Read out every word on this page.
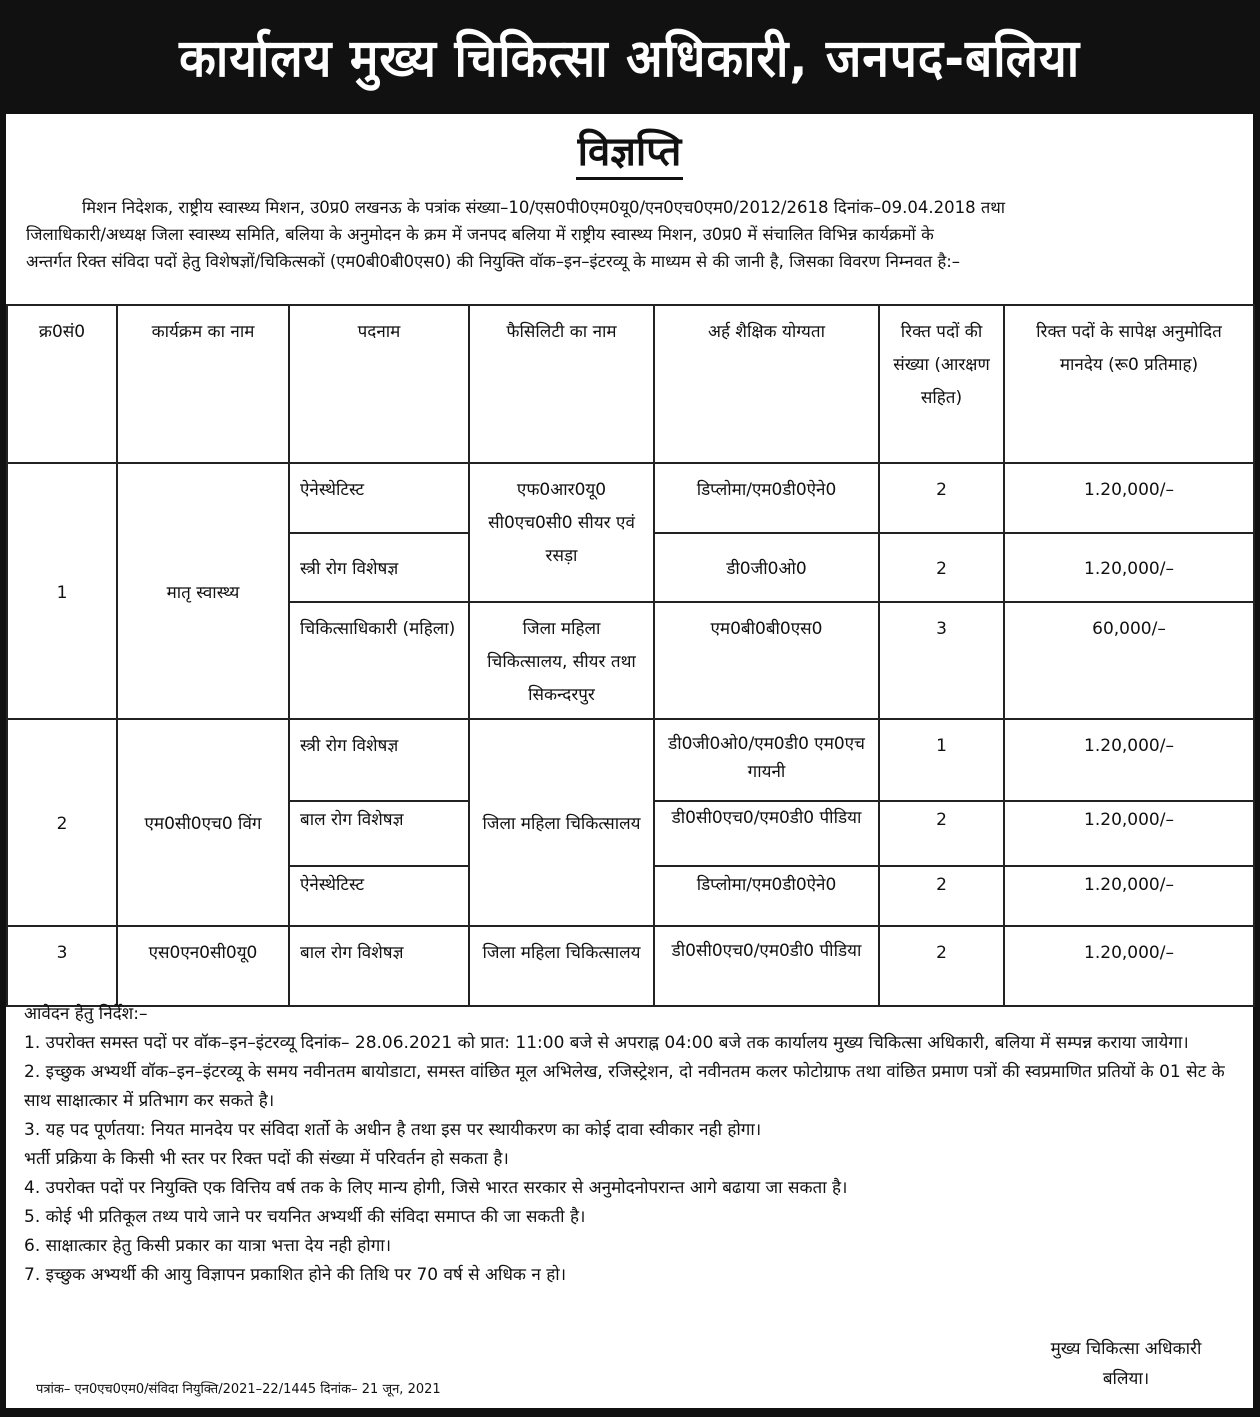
कार्यालय मुख्य चिकित्सा अधिकारी, जनपद-बलिया
विज्ञप्ति
मिशन निदेशक, राष्ट्रीय स्वास्थ्य मिशन, उ0प्र0 लखनऊ के पत्रांक संख्या–10/एस0पी0एम0यू0/एन0एच0एम0/2012/2618 दिनांक–09.04.2018 तथा
जिलाधिकारी/अध्यक्ष जिला स्वास्थ्य समिति, बलिया के अनुमोदन के क्रम में जनपद बलिया में राष्ट्रीय स्वास्थ्य मिशन, उ0प्र0 में संचालित विभिन्न कार्यक्रमों के
अन्तर्गत रिक्त संविदा पदों हेतु विशेषज्ञों/चिकित्सकों (एम0बी0बी0एस0) की नियुक्ति वॉक–इन–इंटरव्यू के माध्यम से की जानी है, जिसका विवरण निम्नवत है:–
क्र0सं0	कार्यक्रम का नाम	पदनाम	फैसिलिटी का नाम	अर्ह शैक्षिक योग्यता	रिक्त पदों की संख्या (आरक्षण सहित)	रिक्त पदों के सापेक्ष अनुमोदित मानदेय (रू0 प्रतिमाह)
1	मातृ स्वास्थ्य	ऐनेस्थेटिस्ट	एफ0आर0यू0 सी0एच0सी0 सीयर एवं रसड़ा	डिप्लोमा/एम0डी0ऐने0	2	1.20,000/–
		स्त्री रोग विशेषज्ञ		डी0जी0ओ0	2	1.20,000/–
		चिकित्साधिकारी (महिला)	जिला महिला चिकित्सालय, सीयर तथा सिकन्दरपुर	एम0बी0बी0एस0	3	60,000/–
2	एम0सी0एच0 विंग	स्त्री रोग विशेषज्ञ	जिला महिला चिकित्सालय	डी0जी0ओ0/एम0डी0 एम0एच गायनी	1	1.20,000/–
		बाल रोग विशेषज्ञ		डी0सी0एच0/एम0डी0 पीडिया	2	1.20,000/–
		ऐनेस्थेटिस्ट		डिप्लोमा/एम0डी0ऐने0	2	1.20,000/–
3	एस0एन0सी0यू0	बाल रोग विशेषज्ञ	जिला महिला चिकित्सालय	डी0सी0एच0/एम0डी0 पीडिया	2	1.20,000/–
आवेदन हेतु निर्देश:–
1. उपरोक्त समस्त पदों पर वॉक–इन–इंटरव्यू दिनांक– 28.06.2021 को प्रात: 11:00 बजे से अपराह्न 04:00 बजे तक कार्यालय मुख्य चिकित्सा अधिकारी, बलिया में सम्पन्न कराया जायेगा।
2. इच्छुक अभ्यर्थी वॉक–इन–इंटरव्यू के समय नवीनतम बायोडाटा, समस्त वांछित मूल अभिलेख, रजिस्ट्रेशन, दो नवीनतम कलर फोटोग्राफ तथा वांछित प्रमाण पत्रों की स्वप्रमाणित प्रतियों के 01 सेट के साथ साक्षात्कार में प्रतिभाग कर सकते है।
3. यह पद पूर्णतया: नियत मानदेय पर संविदा शर्तो के अधीन है तथा इस पर स्थायीकरण का कोई दावा स्वीकार नही होगा।
भर्ती प्रक्रिया के किसी भी स्तर पर रिक्त पदों की संख्या में परिवर्तन हो सकता है।
4. उपरोक्त पदों पर नियुक्ति एक वित्तिय वर्ष तक के लिए मान्य होगी, जिसे भारत सरकार से अनुमोदनोपरान्त आगे बढाया जा सकता है।
5. कोई भी प्रतिकूल तथ्य पाये जाने पर चयनित अभ्यर्थी की संविदा समाप्त की जा सकती है।
6. साक्षात्कार हेतु किसी प्रकार का यात्रा भत्ता देय नही होगा।
7. इच्छुक अभ्यर्थी की आयु विज्ञापन प्रकाशित होने की तिथि पर 70 वर्ष से अधिक न हो।
मुख्य चिकित्सा अधिकारी
बलिया।
पत्रांक– एन0एच0एम0/संविदा नियुक्ति/2021–22/1445 दिनांक– 21 जून, 2021
